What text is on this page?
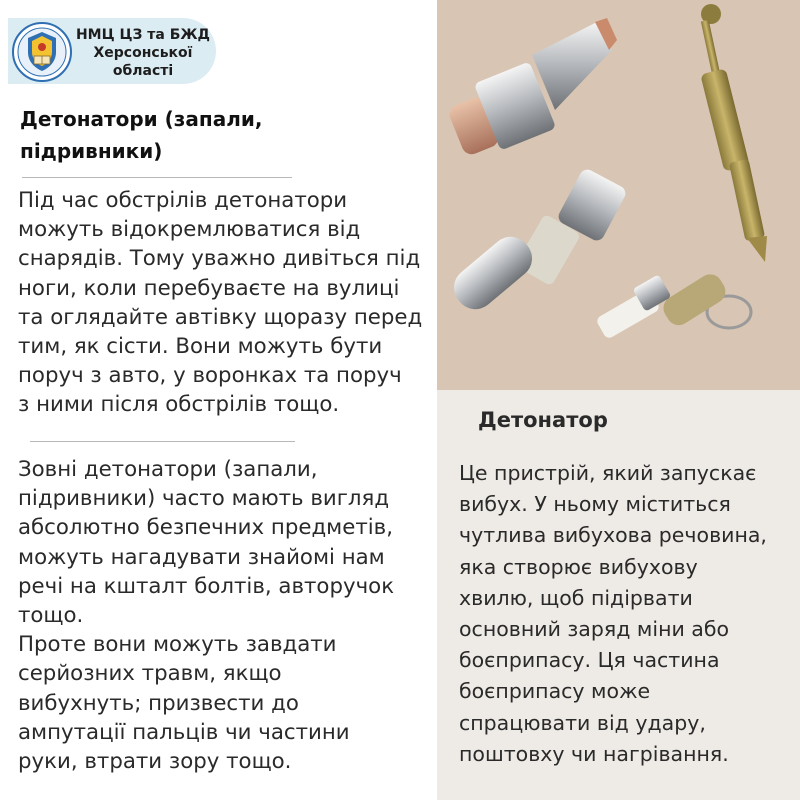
НМЦ ЦЗ та БЖД
Херсонської
області
Детонатори (запали,
підривники)
Під час обстрілів детонатори
можуть відокремлюватися від
снарядів. Тому уважно дивіться під
ноги, коли перебуваєте на вулиці
та оглядайте автівку щоразу перед
тим, як сісти. Вони можуть бути
поруч з авто, у воронках та поруч
з ними після обстрілів тощо.
Зовні детонатори (запали,
підривники) часто мають вигляд
абсолютно безпечних предметів,
можуть нагадувати знайомі нам
речі на кшталт болтів, авторучок
тощо.
Проте вони можуть завдати
серйозних травм, якщо
вибухнуть; призвести до
ампутації пальців чи частини
руки, втрати зору тощо.
Детонатор
Це пристрій, який запускає
вибух. У ньому міститься
чутлива вибухова речовина,
яка створює вибухову
хвилю, щоб підірвати
основний заряд міни або
боєприпасу. Ця частина
боєприпасу може
спрацювати від удару,
поштовху чи нагрівання.
